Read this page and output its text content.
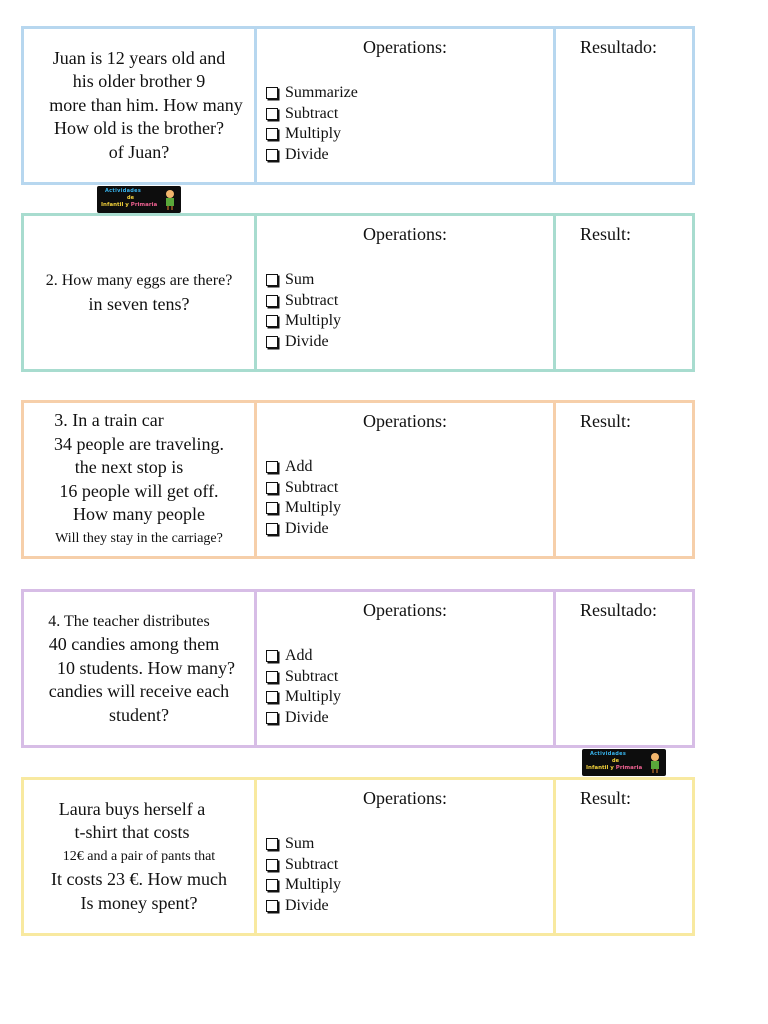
Juan is 12 years old and
his older brother 9
more than him. How many
How old is the brother?
of Juan?
Operations:
Summarize
Subtract
Multiply
Divide
Resultado:
Actividades
de
Infantil y Primaria
2. How many eggs are there?
in seven tens?
Operations:
Sum
Subtract
Multiply
Divide
Result:
3. In a train car
34 people are traveling.
the next stop is
16 people will get off.
How many people
Will they stay in the carriage?
Operations:
Add
Subtract
Multiply
Divide
Result:
4. The teacher distributes
40 candies among them
10 students. How many?
candies will receive each
student?
Operations:
Add
Subtract
Multiply
Divide
Resultado:
Actividades
de
Infantil y Primaria
Laura buys herself a
t-shirt that costs
12€ and a pair of pants that
It costs 23 €. How much
Is money spent?
Operations:
Sum
Subtract
Multiply
Divide
Result:
